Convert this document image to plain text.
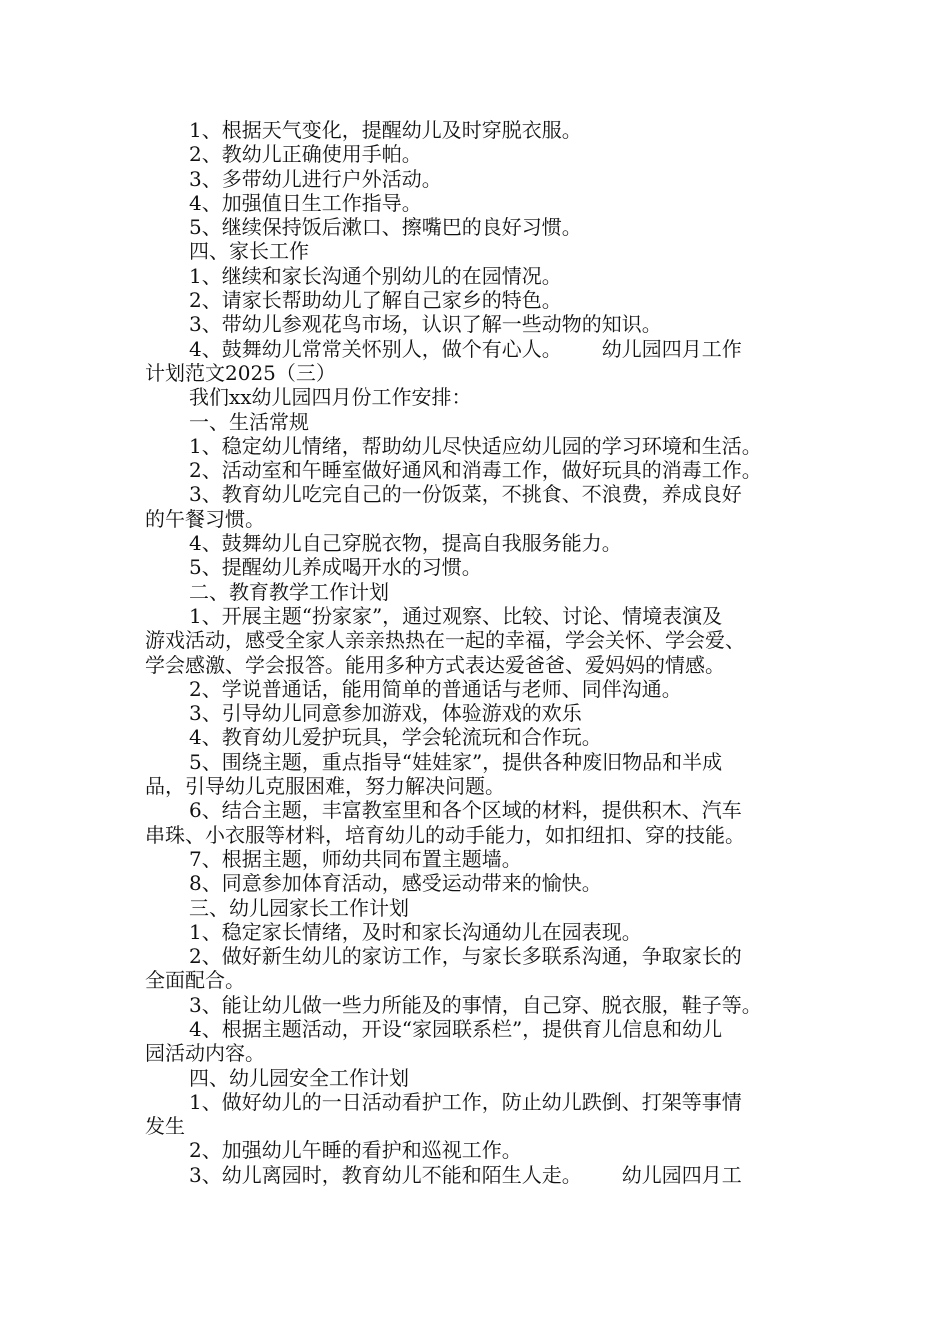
1、根据天气变化，提醒幼儿及时穿脱衣服。

2、教幼儿正确使用手帕。

3、多带幼儿进行户外活动。

4、加强值日生工作指导。

5、继续保持饭后漱口、擦嘴巴的良好习惯。

四、家长工作

1、继续和家长沟通个别幼儿的在园情况。

2、请家长帮助幼儿了解自己家乡的特色。

3、带幼儿参观花鸟市场，认识了解一些动物的知识。

4、鼓舞幼儿常常关怀别人，做个有心人。 幼儿园四月工作

计划范文2025（三）

我们xx幼儿园四月份工作安排：

一、生活常规

1、稳定幼儿情绪，帮助幼儿尽快适应幼儿园的学习环境和生活。

2、活动室和午睡室做好通风和消毒工作，做好玩具的消毒工作。

3、教育幼儿吃完自己的一份饭菜，不挑食、不浪费，养成良好

的午餐习惯。

4、鼓舞幼儿自己穿脱衣物，提高自我服务能力。

5、提醒幼儿养成喝开水的习惯。

二、教育教学工作计划

1、开展主题“扮家家”，通过观察、比较、讨论、情境表演及

游戏活动，感受全家人亲亲热热在一起的幸福，学会关怀、学会爱、

学会感激、学会报答。能用多种方式表达爱爸爸、爱妈妈的情感。

2、学说普通话，能用简单的普通话与老师、同伴沟通。

3、引导幼儿同意参加游戏，体验游戏的欢乐

4、教育幼儿爱护玩具，学会轮流玩和合作玩。

5、围绕主题，重点指导“娃娃家”，提供各种废旧物品和半成

品，引导幼儿克服困难，努力解决问题。

6、结合主题，丰富教室里和各个区域的材料，提供积木、汽车

串珠、小衣服等材料，培育幼儿的动手能力，如扣纽扣、穿的技能。

7、根据主题，师幼共同布置主题墙。

8、同意参加体育活动，感受运动带来的愉快。

三、幼儿园家长工作计划

1、稳定家长情绪，及时和家长沟通幼儿在园表现。

2、做好新生幼儿的家访工作，与家长多联系沟通，争取家长的

全面配合。

3、能让幼儿做一些力所能及的事情，自己穿、脱衣服，鞋子等。

4、根据主题活动，开设“家园联系栏”，提供育儿信息和幼儿

园活动内容。

四、幼儿园安全工作计划

1、做好幼儿的一日活动看护工作，防止幼儿跌倒、打架等事情

发生

2、加强幼儿午睡的看护和巡视工作。

3、幼儿离园时，教育幼儿不能和陌生人走。 幼儿园四月工
